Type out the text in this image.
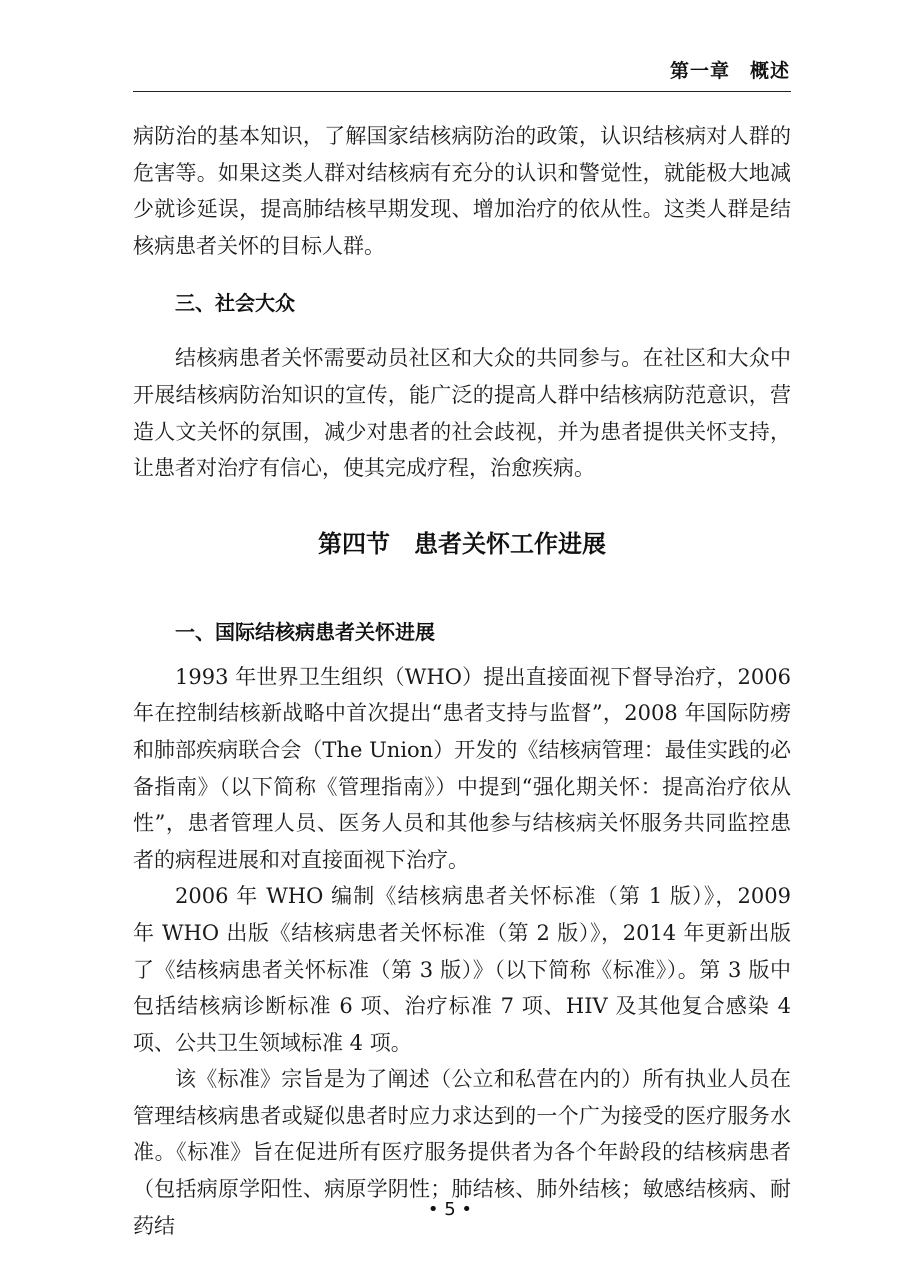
第一章　概述

病防治的基本知识，了解国家结核病防治的政策，认识结核病对人群的危害等。如果这类人群对结核病有充分的认识和警觉性，就能极大地减少就诊延误，提高肺结核早期发现、增加治疗的依从性。这类人群是结核病患者关怀的目标人群。

三、社会大众

结核病患者关怀需要动员社区和大众的共同参与。在社区和大众中开展结核病防治知识的宣传，能广泛的提高人群中结核病防范意识，营造人文关怀的氛围，减少对患者的社会歧视，并为患者提供关怀支持，让患者对治疗有信心，使其完成疗程，治愈疾病。

第四节　患者关怀工作进展
一、国际结核病患者关怀进展

1993 年世界卫生组织（WHO）提出直接面视下督导治疗，2006 年在控制结核新战略中首次提出“患者支持与监督”，2008 年国际防痨和肺部疾病联合会（The Union）开发的《结核病管理：最佳实践的必备指南》（以下简称《管理指南》）中提到“强化期关怀：提高治疗依从性”，患者管理人员、医务人员和其他参与结核病关怀服务共同监控患者的病程进展和对直接面视下治疗。

2006 年 WHO 编制《结核病患者关怀标准（第 1 版）》，2009 年 WHO 出版《结核病患者关怀标准（第 2 版）》，2014 年更新出版了《结核病患者关怀标准（第 3 版）》（以下简称《标准》）。第 3 版中包括结核病诊断标准 6 项、治疗标准 7 项、HIV 及其他复合感染 4 项、公共卫生领域标准 4 项。

该《标准》宗旨是为了阐述（公立和私营在内的）所有执业人员在管理结核病患者或疑似患者时应力求达到的一个广为接受的医疗服务水准。《标准》旨在促进所有医疗服务提供者为各个年龄段的结核病患者（包括病原学阳性、病原学阴性；肺结核、肺外结核；敏感结核病、耐药结

• 5 •
